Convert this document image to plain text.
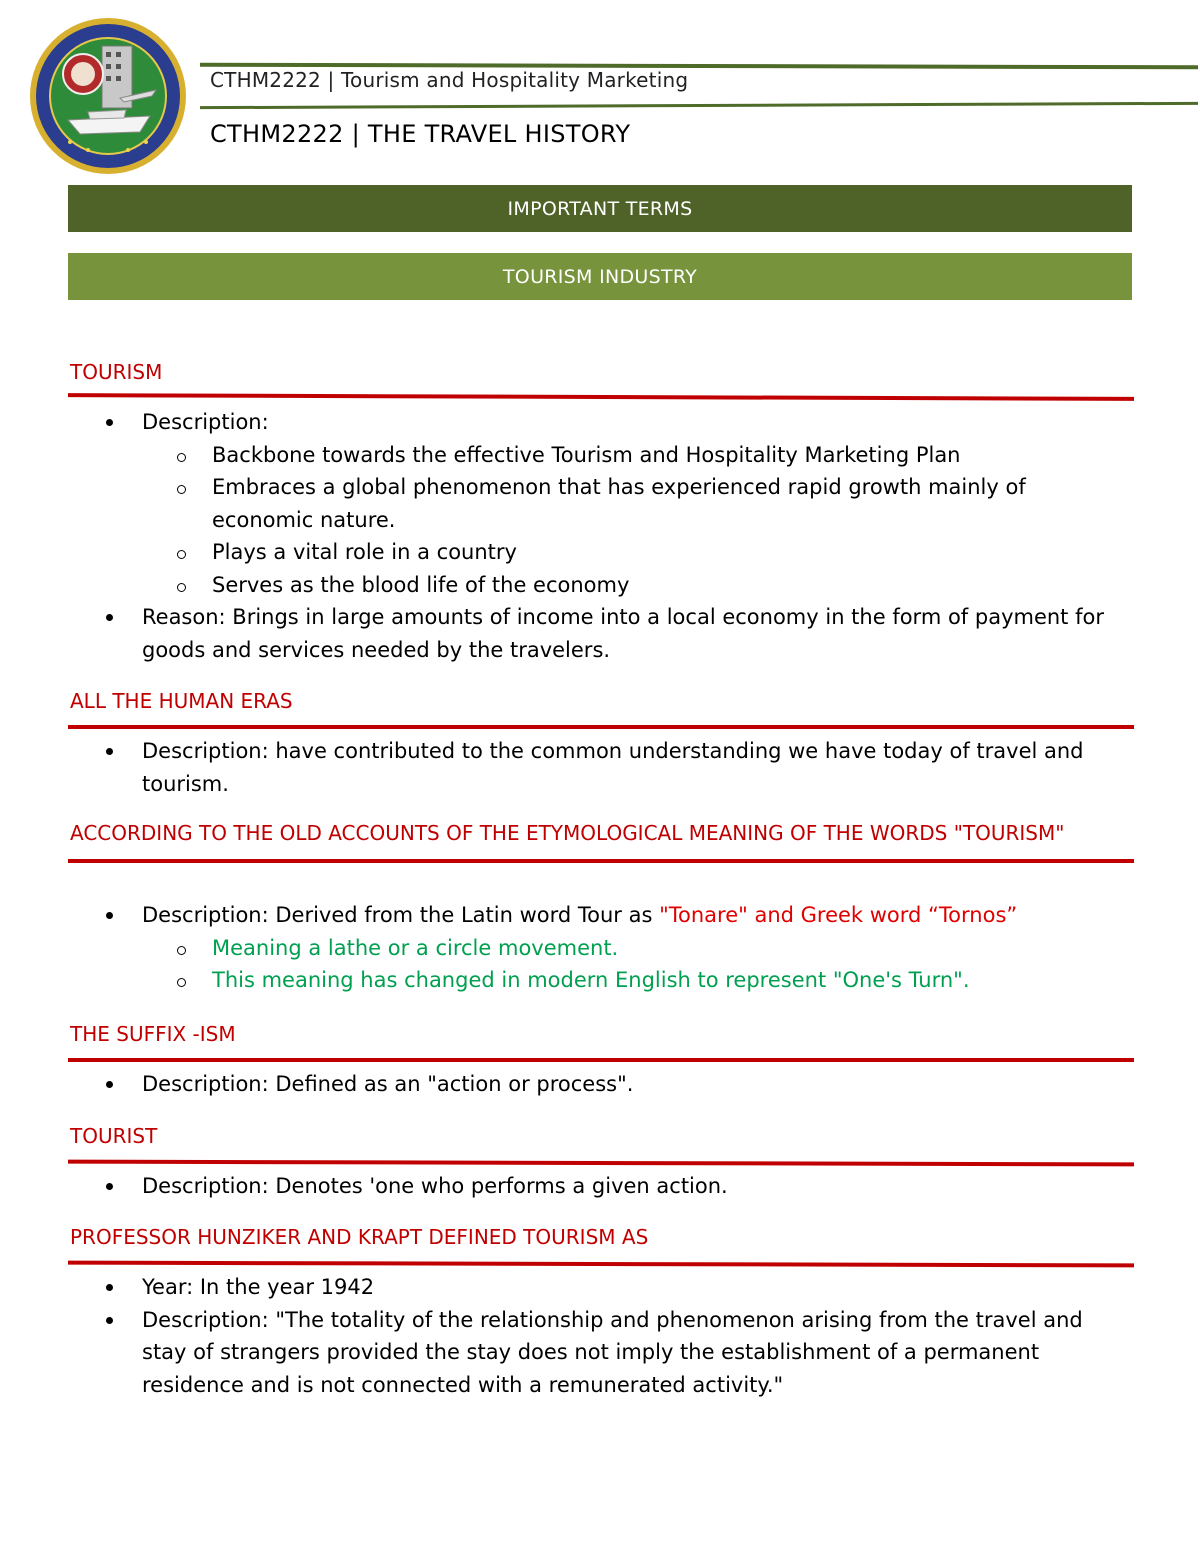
CTHM2222 | Tourism and Hospitality Marketing
CTHM2222 | THE TRAVEL HISTORY
IMPORTANT TERMS
TOURISM INDUSTRY
TOURISM
Description:
Backbone towards the effective Tourism and Hospitality Marketing Plan
Embraces a global phenomenon that has experienced rapid growth mainly of economic nature.
Plays a vital role in a country
Serves as the blood life of the economy
Reason: Brings in large amounts of income into a local economy in the form of payment for goods and services needed by the travelers.
ALL THE HUMAN ERAS
Description: have contributed to the common understanding we have today of travel and tourism.
ACCORDING TO THE OLD ACCOUNTS OF THE ETYMOLOGICAL MEANING OF THE WORDS "TOURISM"
Description: Derived from the Latin word Tour as "Tonare" and Greek word “Tornos”
Meaning a lathe or a circle movement.
This meaning has changed in modern English to represent "One's Turn".
THE SUFFIX -ISM
Description: Defined as an "action or process".
TOURIST
Description: Denotes 'one who performs a given action.
PROFESSOR HUNZIKER AND KRAPT DEFINED TOURISM AS
Year: In the year 1942
Description: "The totality of the relationship and phenomenon arising from the travel and stay of strangers provided the stay does not imply the establishment of a permanent residence and is not connected with a remunerated activity."
